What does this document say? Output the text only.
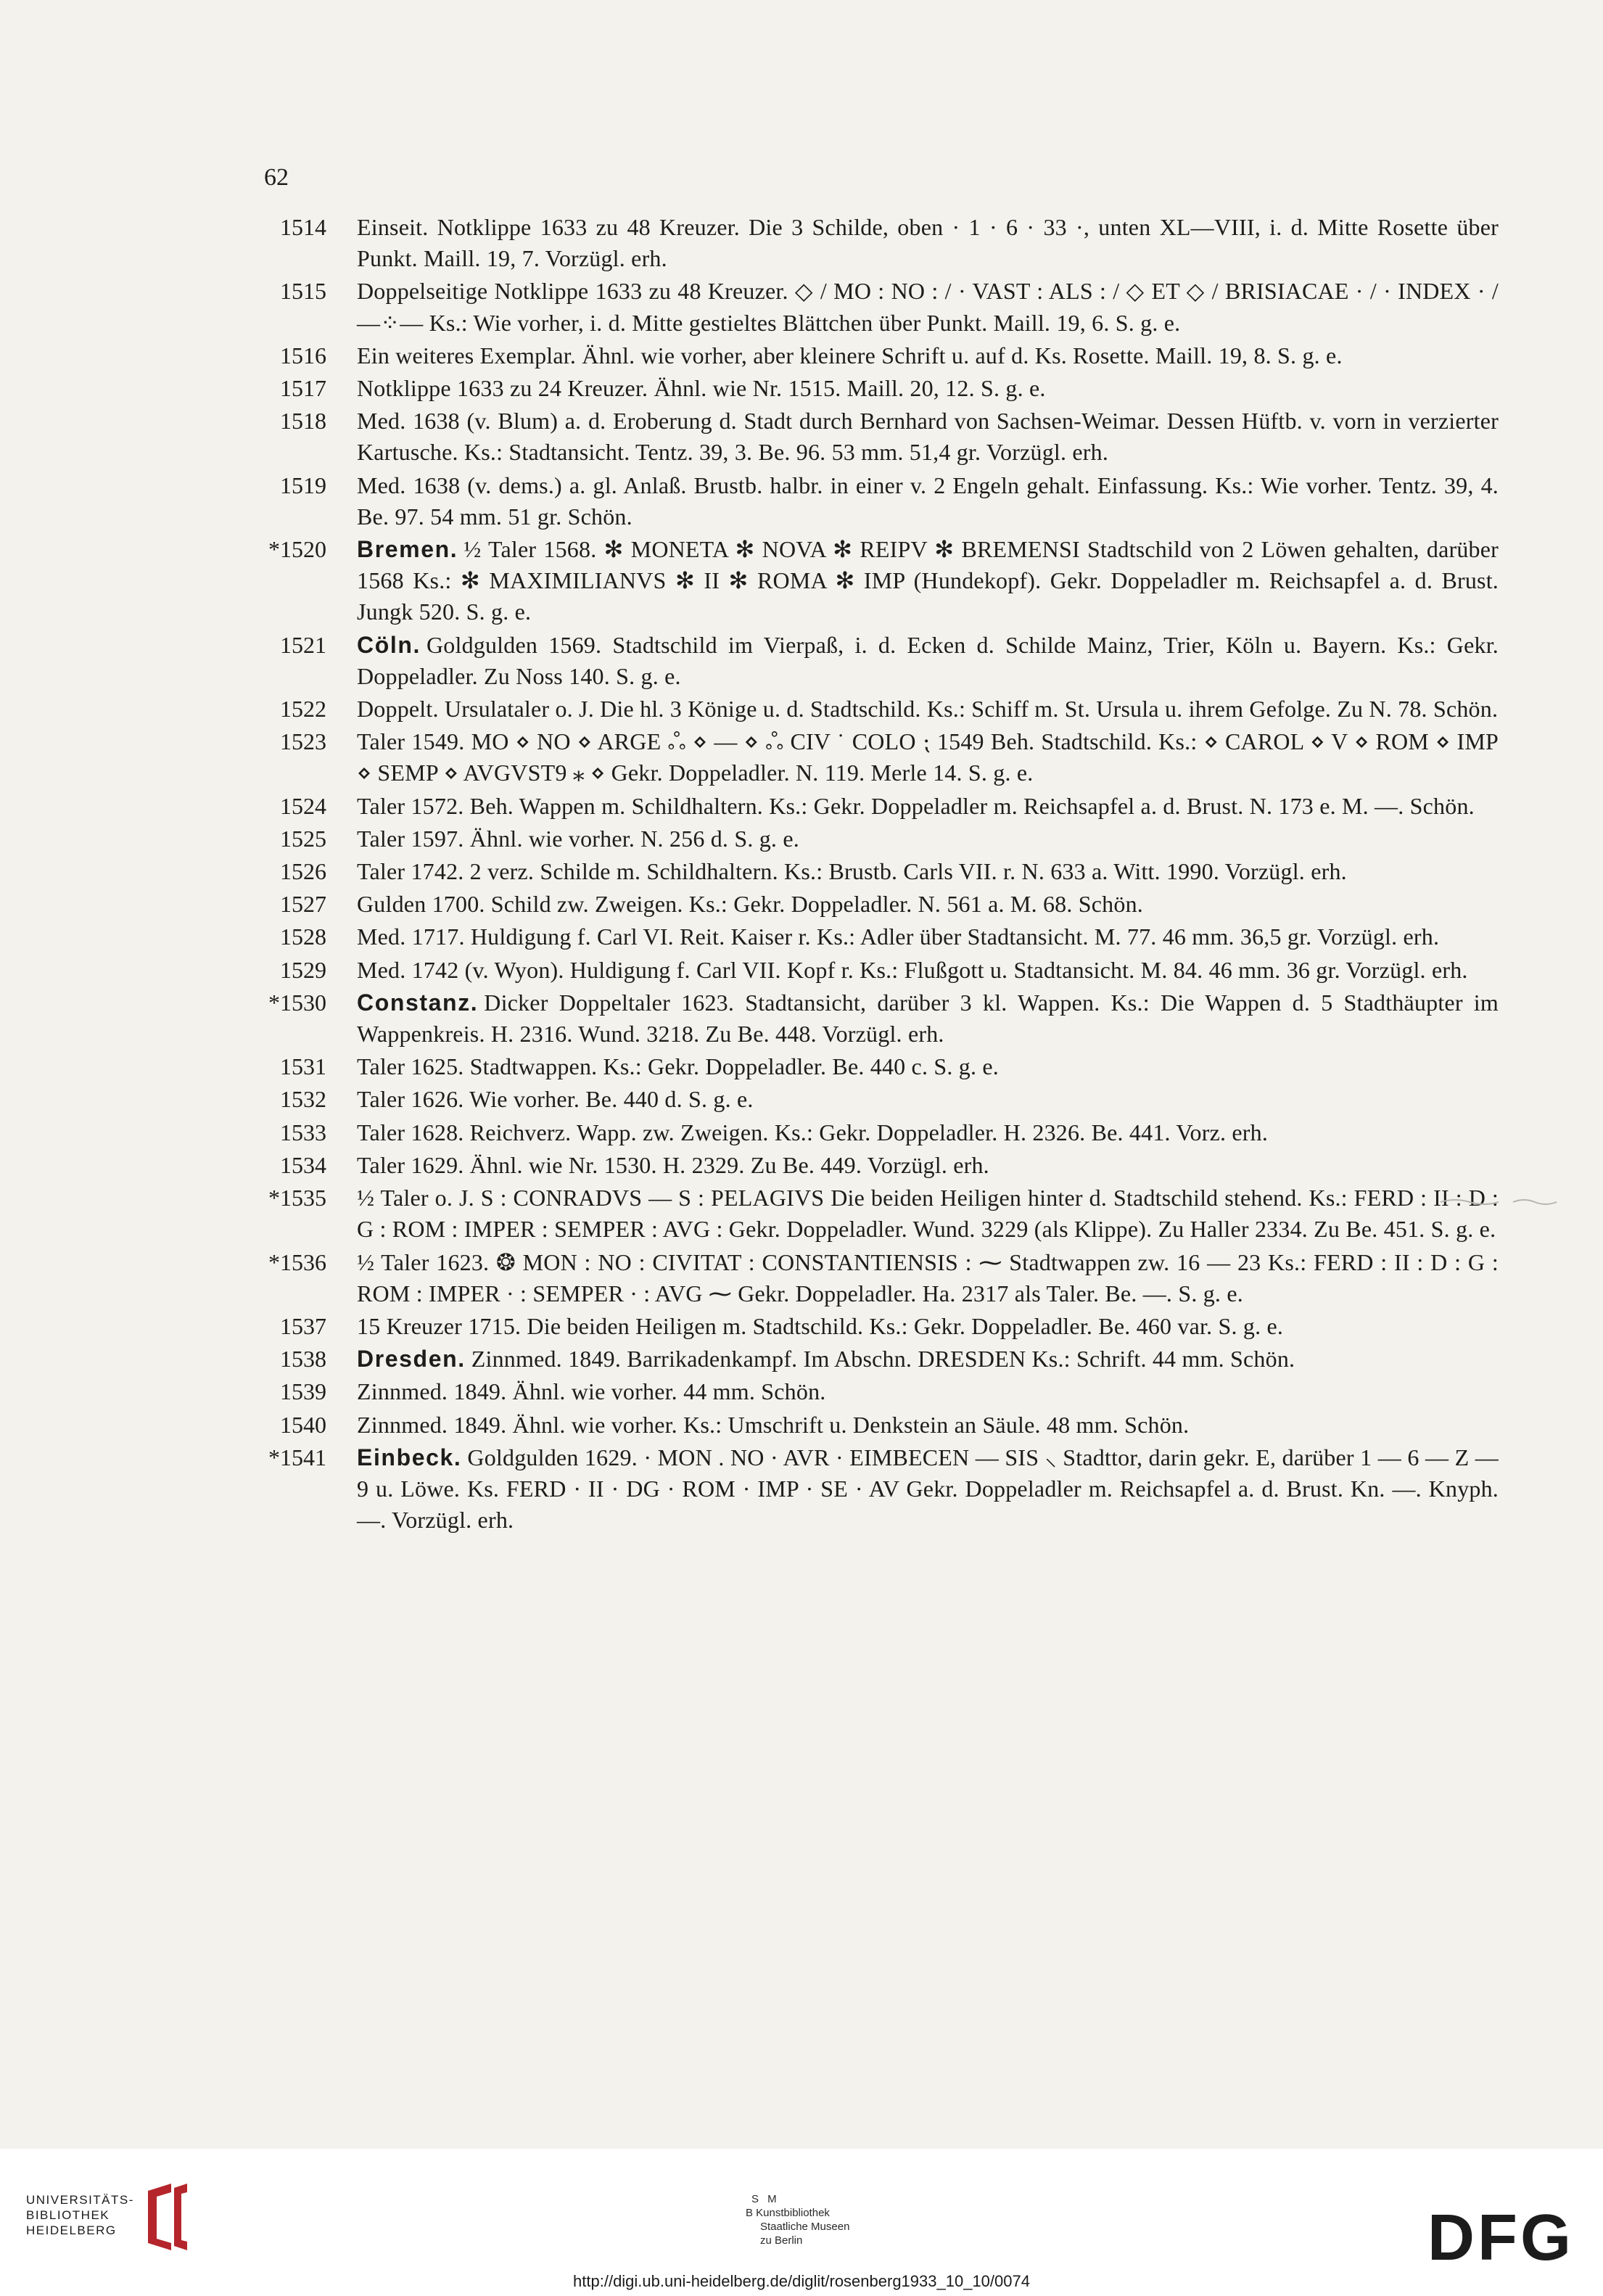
62
1514 Einseit. Notklippe 1633 zu 48 Kreuzer. Die 3 Schilde, oben · 1 · 6 · 33 ·, unten XL—VIII, i. d. Mitte Rosette über Punkt. Maill. 19, 7. Vorzügl. erh.
1515 Doppelseitige Notklippe 1633 zu 48 Kreuzer. ◇ / MO : NO : / · VAST : ALS : / ◇ ET ◇ / BRISIACAE · / · INDEX · / —⁘— Ks.: Wie vorher, i. d. Mitte gestieltes Blättchen über Punkt. Maill. 19, 6. S. g. e.
1516 Ein weiteres Exemplar. Ähnl. wie vorher, aber kleinere Schrift u. auf d. Ks. Rosette. Maill. 19, 8. S. g. e.
1517 Notklippe 1633 zu 24 Kreuzer. Ähnl. wie Nr. 1515. Maill. 20, 12. S. g. e.
1518 Med. 1638 (v. Blum) a. d. Eroberung d. Stadt durch Bernhard von Sachsen-Weimar. Dessen Hüftb. v. vorn in verzierter Kartusche. Ks.: Stadtansicht. Tentz. 39, 3. Be. 96. 53 mm. 51,4 gr. Vorzügl. erh.
1519 Med. 1638 (v. dems.) a. gl. Anlaß. Brustb. halbr. in einer v. 2 Engeln gehalt. Einfassung. Ks.: Wie vorher. Tentz. 39, 4. Be. 97. 54 mm. 51 gr. Schön.
*1520 Bremen. ½ Taler 1568. ✻ MONETA ✻ NOVA ✻ REIPV ✻ BREMENSI Stadtschild von 2 Löwen gehalten, darüber 1568 Ks.: ✻ MAXIMILIANVS ✻ II ✻ ROMA ✻ IMP (Hundekopf). Gekr. Doppeladler m. Reichsapfel a. d. Brust. Jungk 520. S. g. e.
1521 Cöln. Goldgulden 1569. Stadtschild im Vierpaß, i. d. Ecken d. Schilde Mainz, Trier, Köln u. Bayern. Ks.: Gekr. Doppeladler. Zu Noss 140. S. g. e.
1522 Doppelt. Ursulataler o. J. Die hl. 3 Könige u. d. Stadtschild. Ks.: Schiff m. St. Ursula u. ihrem Gefolge. Zu N. 78. Schön.
1523 Taler 1549. MO ⋄ NO ⋄ ARGE ஃ ⋄ — ⋄ ஃ CIV ˙ COLO ⁏ 1549 Beh. Stadtschild. Ks.: ⋄ CAROL ⋄ V ⋄ ROM ⋄ IMP ⋄ SEMP ⋄ AVGVST9 ⁎ ⋄ Gekr. Doppeladler. N. 119. Merle 14. S. g. e.
1524 Taler 1572. Beh. Wappen m. Schildhaltern. Ks.: Gekr. Doppeladler m. Reichsapfel a. d. Brust. N. 173 e. M. —. Schön.
1525 Taler 1597. Ähnl. wie vorher. N. 256 d. S. g. e.
1526 Taler 1742. 2 verz. Schilde m. Schildhaltern. Ks.: Brustb. Carls VII. r. N. 633 a. Witt. 1990. Vorzügl. erh.
1527 Gulden 1700. Schild zw. Zweigen. Ks.: Gekr. Doppeladler. N. 561 a. M. 68. Schön.
1528 Med. 1717. Huldigung f. Carl VI. Reit. Kaiser r. Ks.: Adler über Stadtansicht. M. 77. 46 mm. 36,5 gr. Vorzügl. erh.
1529 Med. 1742 (v. Wyon). Huldigung f. Carl VII. Kopf r. Ks.: Flußgott u. Stadtansicht. M. 84. 46 mm. 36 gr. Vorzügl. erh.
*1530 Constanz. Dicker Doppeltaler 1623. Stadtansicht, darüber 3 kl. Wappen. Ks.: Die Wappen d. 5 Stadthäupter im Wappenkreis. H. 2316. Wund. 3218. Zu Be. 448. Vorzügl. erh.
1531 Taler 1625. Stadtwappen. Ks.: Gekr. Doppeladler. Be. 440 c. S. g. e.
1532 Taler 1626. Wie vorher. Be. 440 d. S. g. e.
1533 Taler 1628. Reichverz. Wapp. zw. Zweigen. Ks.: Gekr. Doppeladler. H. 2326. Be. 441. Vorz. erh.
1534 Taler 1629. Ähnl. wie Nr. 1530. H. 2329. Zu Be. 449. Vorzügl. erh.
*1535 ½ Taler o. J. S : CONRADVS — S : PELAGIVS Die beiden Heiligen hinter d. Stadtschild stehend. Ks.: FERD : II : D : G : ROM : IMPER : SEMPER : AVG : Gekr. Doppeladler. Wund. 3229 (als Klippe). Zu Haller 2334. Zu Be. 451. S. g. e.
*1536 ½ Taler 1623. ❂ MON : NO : CIVITAT : CONSTANTIENSIS : ⁓ Stadtwappen zw. 16 — 23 Ks.: FERD : II : D : G : ROM : IMPER · : SEMPER · : AVG ⁓ Gekr. Doppeladler. Ha. 2317 als Taler. Be. —. S. g. e.
1537 15 Kreuzer 1715. Die beiden Heiligen m. Stadtschild. Ks.: Gekr. Doppeladler. Be. 460 var. S. g. e.
1538 Dresden. Zinnmed. 1849. Barrikadenkampf. Im Abschn. DRESDEN Ks.: Schrift. 44 mm. Schön.
1539 Zinnmed. 1849. Ähnl. wie vorher. 44 mm. Schön.
1540 Zinnmed. 1849. Ähnl. wie vorher. Ks.: Umschrift u. Denkstein an Säule. 48 mm. Schön.
*1541 Einbeck. Goldgulden 1629. · MON . NO · AVR · EIMBECEN — SIS ⸜ Stadttor, darin gekr. E, darüber 1 — 6 — Z — 9 u. Löwe. Ks. FERD · II · DG · ROM · IMP · SE · AV Gekr. Doppeladler m. Reichsapfel a. d. Brust. Kn. —. Knyph. —. Vorzügl. erh.
UNIVERSITÄTS-
BIBLIOTHEK
HEIDELBERG
S M
B Kunstbibliothek
Staatliche Museen
zu Berlin	DFG
http://digi.ub.uni-heidelberg.de/diglit/rosenberg1933_10_10/0074
